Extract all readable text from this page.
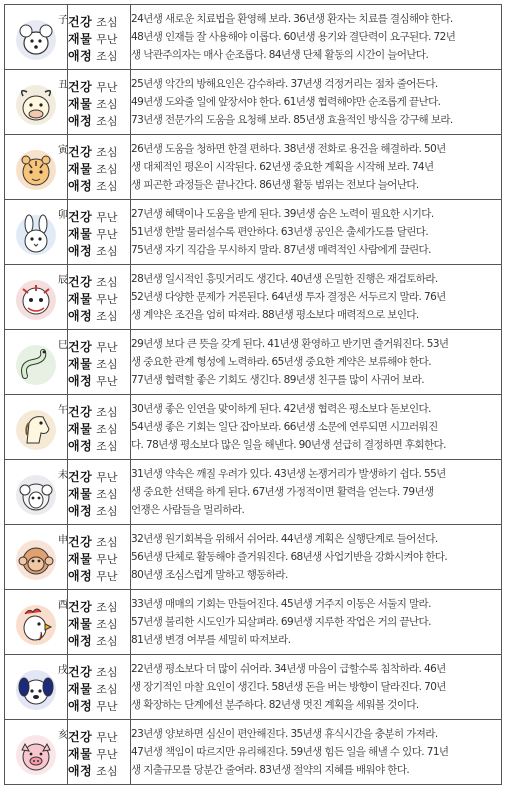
子	건강 조심
재물 무난
애정 조심	24년생 새로운 치료법을 환영해 보라. 36년생 환자는 치료를 결심해야 한다.
48년생 인재들 잘 사용해야 이롭다. 60년생 용기와 결단력이 요구된다. 72년
생 낙관주의자는 매사 순조롭다. 84년생 단체 활동의 시간이 늘어난다.

丑	건강 무난
재물 조심
애정 조심	25년생 악간의 방해요인은 감수하라. 37년생 걱정거리는 점차 줄어든다.
49년생 도와줄 일에 앞장서야 한다. 61년생 협력해야만 순조롭게 끝난다.
73년생 전문가의 도움을 요청해 보라. 85년생 효율적인 방식을 강구해 보라.

寅	건강 조심
재물 조심
애정 조심	26년생 도움을 청하면 한결 편하다. 38년생 전화로 용건을 해결하라. 50년
생 대체적인 평온이 시작된다. 62년생 중요한 계획을 시작해 보라. 74년
생 피곤한 과정들은 끝나간다. 86년생 활동 범위는 전보다 늘어난다.

卯	건강 무난
재물 무난
애정 조심	27년생 혜택이나 도움을 받게 된다. 39년생 숨은 노력이 필요한 시기다.
51년생 한발 물러설수록 편안하다. 63년생 공인은 출세가도를 달린다.
75년생 자기 직감을 무시하지 말라. 87년생 매력적인 사람에게 끌린다.

辰	건강 조심
재물 무난
애정 조심	28년생 일시적인 흥밋거리도 생긴다. 40년생 은밀한 진행은 재검토하라.
52년생 다양한 문제가 거론된다. 64년생 투자 결정은 서두르지 말라. 76년
생 계약은 조건을 엄히 따져라. 88년생 평소보다 매력적으로 보인다.

巳	건강 무난
재물 조심
애정 무난	29년생 보다 큰 뜻을 갖게 된다. 41년생 환영하고 반기면 즐거워진다. 53년
생 중요한 관계 형성에 노력하라. 65년생 중요한 계약은 보류해야 한다.
77년생 협력할 좋은 기회도 생긴다. 89년생 친구를 많이 사귀어 보라.

午	건강 조심
재물 조심
애정 조심	30년생 좋은 인연을 맞이하게 된다. 42년생 협력은 평소보다 돋보인다.
54년생 좋은 기회는 일단 잡아보라. 66년생 소문에 연루되면 시끄러워진
다. 78년생 평소보다 많은 일을 해낸다. 90년생 섣급히 결정하면 후회한다.

未	건강 무난
재물 조심
애정 조심	31년생 약속은 깨질 우려가 있다. 43년생 논쟁거리가 발생하기 쉽다. 55년
생 중요한 선택을 하게 된다. 67년생 가정적이면 활력을 얻는다. 79년생
언쟁은 사람들을 멀리하라.

申	건강 조심
재물 무난
애정 무난	32년생 원기회복을 위해서 쉬어라. 44년생 계획은 실행단계로 들어선다.
56년생 단체로 활동해야 즐거워진다. 68년생 사업기반을 강화시켜야 한다.
80년생 조심스럽게 말하고 행동하라.

酉	건강 조심
재물 조심
애정 조심	33년생 매매의 기회는 만들어진다. 45년생 거주지 이동은 서둘지 말라.
57년생 불리한 시도인가 되살펴라. 69년생 지루한 작업은 거의 끝난다.
81년생 변경 여부를 세밀히 따져보라.

戌	건강 조심
재물 조심
애정 무난	22년생 평소보다 더 많이 쉬어라. 34년생 마음이 급할수록 침착하라. 46년
생 장기적인 마찰 요인이 생긴다. 58년생 돈을 버는 방향이 달라진다. 70년
생 확장하는 단계에선 분주하다. 82년생 멋진 계획을 세워볼 것이다.

亥	건강 무난
재물 무난
애정 조심	23년생 양보하면 심신이 편안해진다. 35년생 휴식시간을 충분히 가져라.
47년생 책임이 따르지만 유리해진다. 59년생 힘든 일을 해낼 수 있다. 71년
생 지출규모를 당분간 줄여라. 83년생 절약의 지혜를 배워야 한다.
